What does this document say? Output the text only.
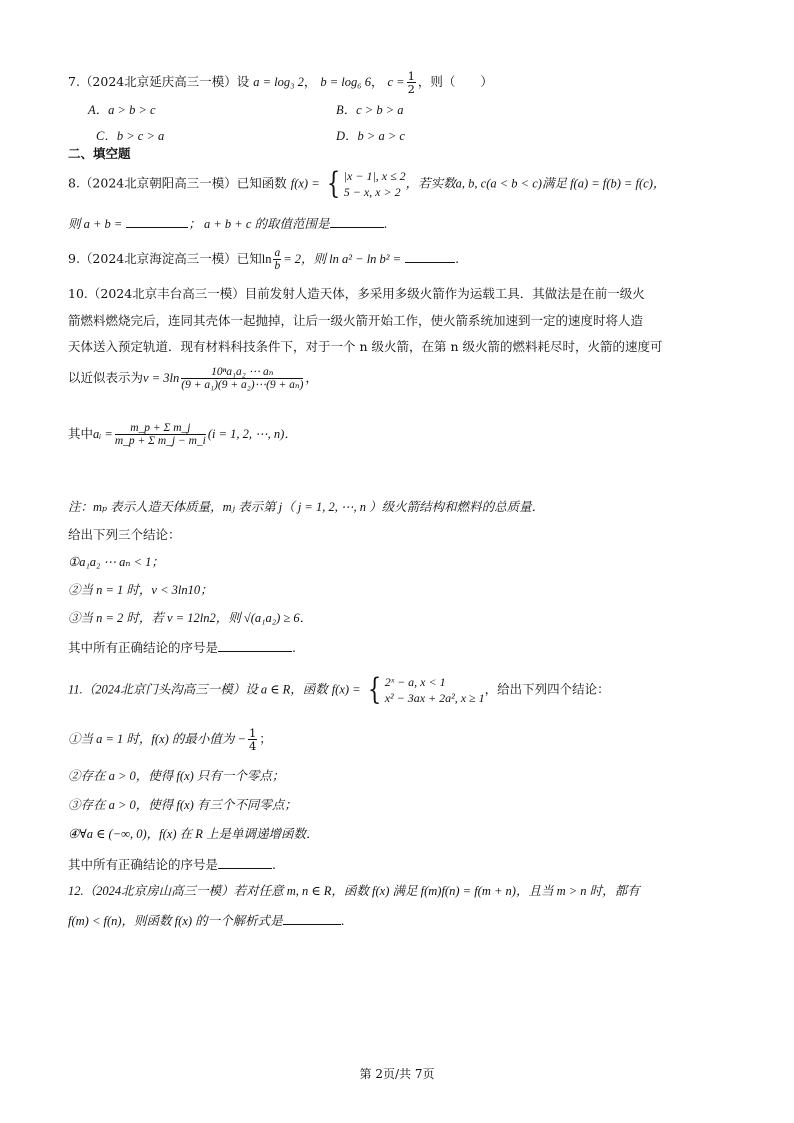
7.（2024北京延庆高三一模）设 a = log₃ 2， b = log₆ 6， $c = \frac{1}{2}$ ，则（　　）
A．a > b > c	B．c > b > a
C．b > c > a	D．b > a > c
二、填空题
8.（2024北京朝阳高三一模）已知函数 f(x) = { |x − 1|, x ≤ 2
5 − x, x > 2
，若实数a, b, c(a < b < c)满足 f(a) = f(b) = f(c)，
则 a + b =	； a + b + c 的取值范围是	.
9.（2024北京海淀高三一模）已知$\ln \frac{a}{b} = 2$，则 ln a² − ln b² =	.
10.（2024北京丰台高三一模）目前发射人造天体，多采用多级火箭作为运载工具．其做法是在前一级火
箭燃料燃烧完后，连同其壳体一起抛掉，让后一级火箭开始工作，使火箭系统加速到一定的速度时将人造
天体送入预定轨道．现有材料科技条件下，对于一个 n 级火箭，在第 n 级火箭的燃料耗尽时，火箭的速度可
以近似表示为$v = 3\ln \frac{\text{10ⁿa₁a₂ ⋯ aₙ}}{\text{(9 + a₁)(9 + a₂)⋯(9 + aₙ)}}$ ，
其中aᵢ = $\frac{\text{m\_p + Σ m\_j}}{\text{m\_p + Σ m\_j − m\_i}} (i = 1$, 2, ⋯, n)．
注：mₚ 表示人造天体质量，mⱼ 表示第 j（ j = 1, 2, ⋯, n ）级火箭结构和燃料的总质量．
给出下列三个结论：
①a₁a₂ ⋯ aₙ < 1；
②当 n = 1 时，v < 3ln10；
③当 n = 2 时，若 v = 12ln2，则 √(a₁a₂) ≥ 6．
其中所有正确结论的序号是	.
11.（2024北京门头沟高三一模）设 a ∈ R，函数 f(x) = { 2ˣ − a, x < 1
x² − 3ax + 2a², x ≥ 1
，给出下列四个结论：
①当 a = 1 时，f(x) 的最小值为 − $\frac{1}{4}$ ；
②存在 a > 0，使得 f(x) 只有一个零点；
③存在 a > 0，使得 f(x) 有三个不同零点；
④∀a ∈ (−∞, 0)，f(x) 在 R 上是单调递增函数．
其中所有正确结论的序号是	.
12.（2024北京房山高三一模）若对任意 m, n ∈ R，函数 f(x) 满足 f(m)f(n) = f(m + n)，且当 m > n 时，都有
f(m) < f(n)，则函数 f(x) 的一个解析式是	.
第 2页/共 7页
